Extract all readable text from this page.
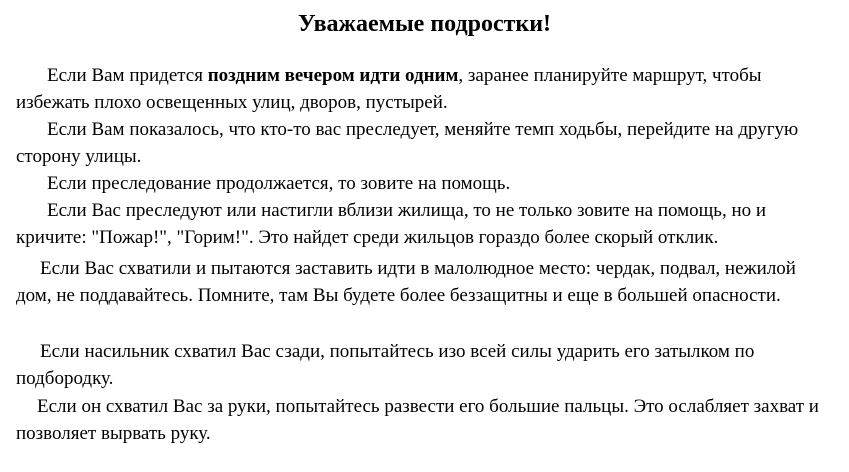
Уважаемые подростки!

Если Вам придется поздним вечером идти одним, заранее планируйте маршрут, чтобы избежать плохо освещенных улиц, дворов, пустырей.

Если Вам показалось, что кто-то вас преследует, меняйте темп ходьбы, перейдите на другую сторону улицы.

Если преследование продолжается, то зовите на помощь.

Если Вас преследуют или настигли вблизи жилища, то не только зовите на помощь, но и кричите: "Пожар!", "Горим!". Это найдет среди жильцов гораздо более скорый отклик.

Если Вас схватили и пытаются заставить идти в малолюдное место: чердак, подвал, нежилой дом, не поддавайтесь. Помните, там Вы будете более беззащитны и еще в большей опасности.

Если насильник схватил Вас сзади, попытайтесь изо всей силы ударить его затылком по подбородку.

Если он схватил Вас за руки, попытайтесь развести его большие пальцы. Это ослабляет захват и позволяет вырвать руку.
